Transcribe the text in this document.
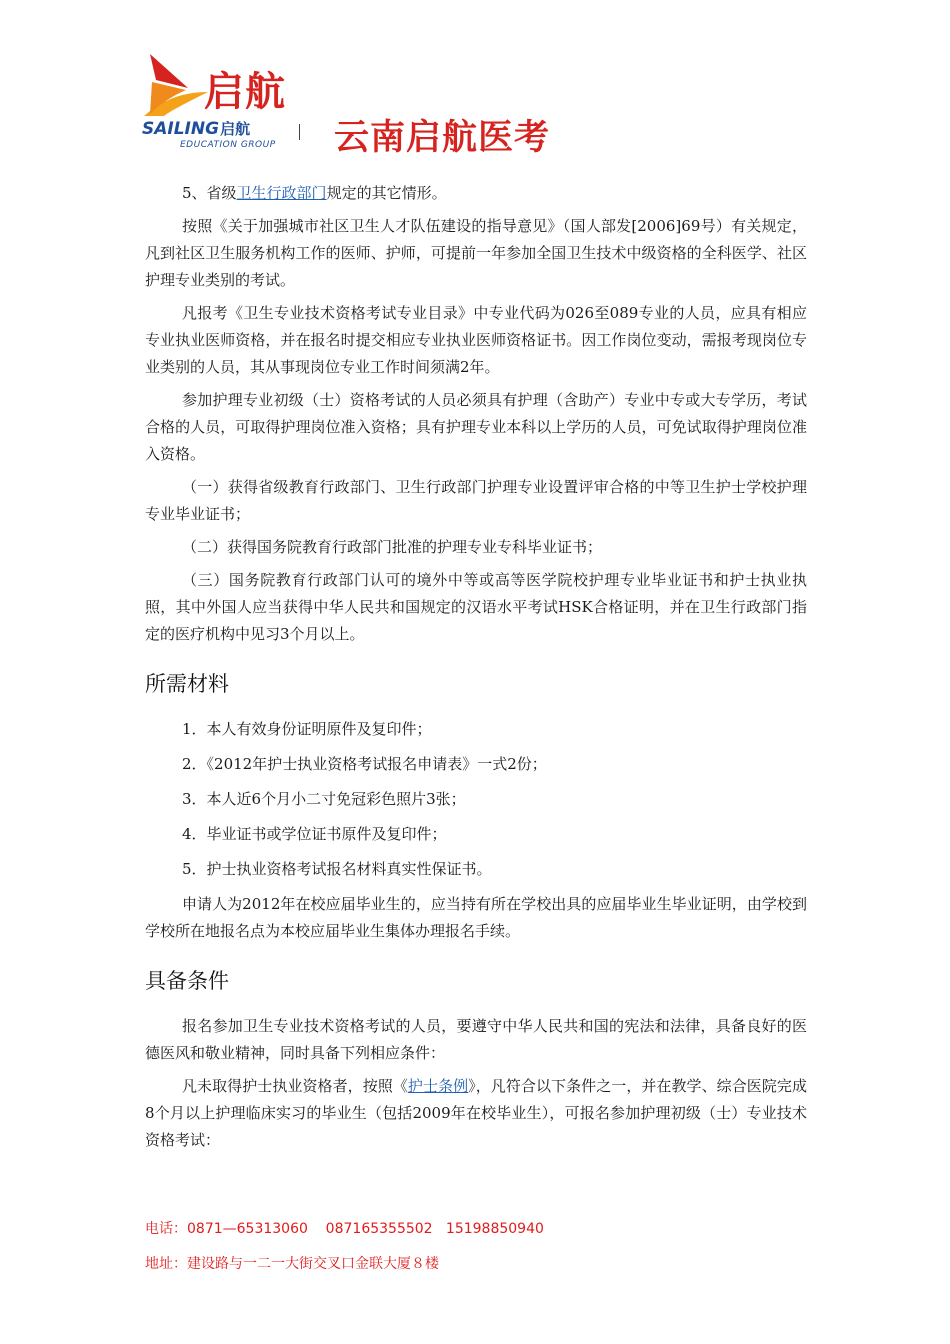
启航
SAILING启航
EDUCATION GROUP 云南启航医考

5、省级卫生行政部门规定的其它情形。

按照《关于加强城市社区卫生人才队伍建设的指导意见》（国人部发[2006]69号）有关规定，凡到社区卫生服务机构工作的医师、护师，可提前一年参加全国卫生技术中级资格的全科医学、社区护理专业类别的考试。

凡报考《卫生专业技术资格考试专业目录》中专业代码为026至089专业的人员，应具有相应专业执业医师资格，并在报名时提交相应专业执业医师资格证书。因工作岗位变动，需报考现岗位专业类别的人员，其从事现岗位专业工作时间须满2年。

参加护理专业初级（士）资格考试的人员必须具有护理（含助产）专业中专或大专学历，考试合格的人员，可取得护理岗位准入资格；具有护理专业本科以上学历的人员，可免试取得护理岗位准入资格。

（一）获得省级教育行政部门、卫生行政部门护理专业设置评审合格的中等卫生护士学校护理专业毕业证书；

（二）获得国务院教育行政部门批准的护理专业专科毕业证书；

（三）国务院教育行政部门认可的境外中等或高等医学院校护理专业毕业证书和护士执业执照，其中外国人应当获得中华人民共和国规定的汉语水平考试HSK合格证明，并在卫生行政部门指定的医疗机构中见习3个月以上。

所需材料

1．本人有效身份证明原件及复印件；

2．《2012年护士执业资格考试报名申请表》一式2份；

3．本人近6个月小二寸免冠彩色照片3张；

4．毕业证书或学位证书原件及复印件；

5．护士执业资格考试报名材料真实性保证书。

申请人为2012年在校应届毕业生的，应当持有所在学校出具的应届毕业生毕业证明，由学校到学校所在地报名点为本校应届毕业生集体办理报名手续。

具备条件

报名参加卫生专业技术资格考试的人员，要遵守中华人民共和国的宪法和法律，具备良好的医德医风和敬业精神，同时具备下列相应条件：

凡未取得护士执业资格者，按照《护士条例》，凡符合以下条件之一，并在教学、综合医院完成8个月以上护理临床实习的毕业生（包括2009年在校毕业生），可报名参加护理初级（士）专业技术资格考试：

电话：0871—65313060    087165355502   15198850940
地址：建设路与一二一大街交叉口金联大厦８楼
